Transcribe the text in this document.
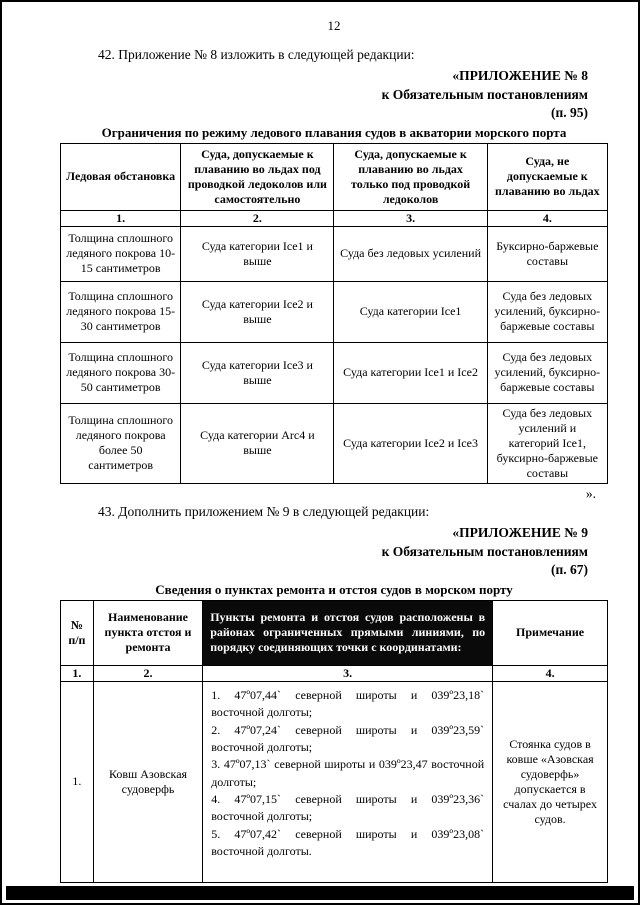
12

42. Приложение № 8 изложить в следующей редакции:

«ПРИЛОЖЕНИЕ № 8
к Обязательным постановлениям
(п. 95)
Ограничения по режиму ледового плавания судов в акватории морского порта
Ледовая обстановка	Суда, допускаемые к плаванию во льдах под проводкой ледоколов или самостоятельно	Суда, допускаемые к плаванию во льдах только под проводкой ледоколов	Суда, не допускаемые к плаванию во льдах
1.	2.	3.	4.
Толщина сплошного ледяного покрова 10-15 сантиметров	Суда категории Ice1 и выше	Суда без ледовых усилений	Буксирно-баржевые составы
Толщина сплошного ледяного покрова 15-30 сантиметров	Суда категории Ice2 и выше	Суда категории Ice1	Суда без ледовых усилений, буксирно-баржевые составы
Толщина сплошного ледяного покрова 30-50 сантиметров	Суда категории Ice3 и выше	Суда категории Ice1 и Ice2	Суда без ледовых усилений, буксирно-баржевые составы
Толщина сплошного ледяного покрова более 50 сантиметров	Суда категории Arc4 и выше	Суда категории Ice2 и Ice3	Суда без ледовых усилений и категорий Ice1, буксирно-баржевые составы
».

43. Дополнить приложением № 9 в следующей редакции:

«ПРИЛОЖЕНИЕ № 9
к Обязательным постановлениям
(п. 67)
Сведения о пунктах ремонта и отстоя судов в морском порту
№ п/п	Наименование пункта отстоя и ремонта	Пункты ремонта и отстоя судов расположены в районах ограниченных прямыми линиями, по порядку соединяющих точки с координатами:	Примечание
1.	2.	3.	4.
1.	Ковш Азовская судоверфь	1. 47º07,44` северной широты и 039º23,18` восточной долготы;
2. 47º07,24` северной широты и 039º23,59` восточной долготы;
3. 47º07,13` северной широты и 039º23,47 восточной долготы;
4. 47º07,15` северной широты и 039º23,36` восточной долготы;
5. 47º07,42` северной широты и 039º23,08` восточной долготы.	Стоянка судов в ковше «Азовская судоверфь» допускается в счалах до четырех судов.
